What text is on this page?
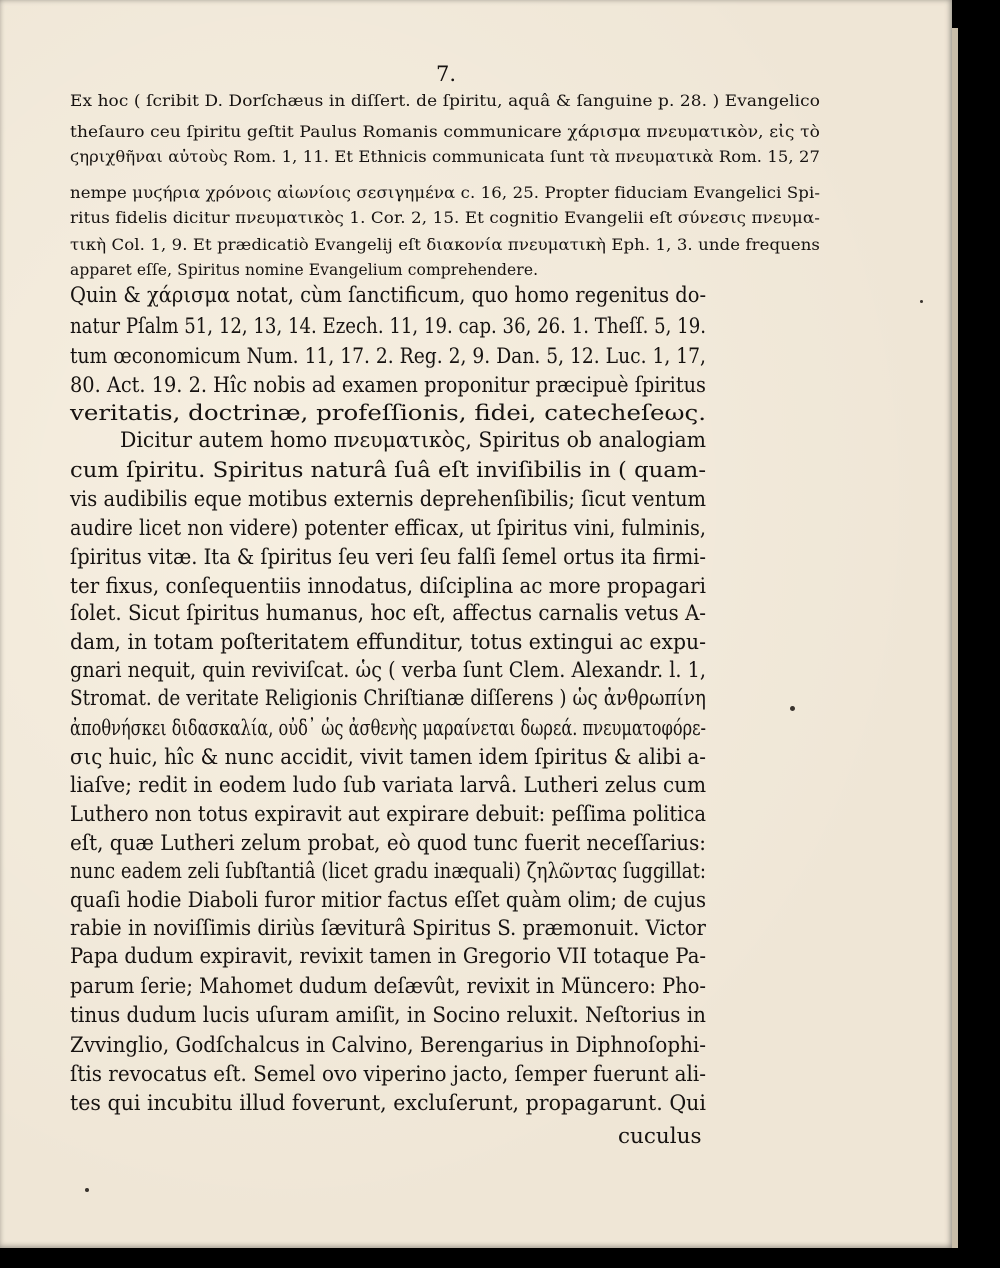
7.
Ex hoc ( ſcribit D. Dorſchæus in diſſert. de ſpiritu, aquâ & ſanguine p. 28. ) Evangelico
theſauro ceu ſpiritu geſtit Paulus Romanis communicare χάρισμα πνευματικὸν, εἰς τὸ
ϛηριχθῆναι αὐτοὺς Rom. 1, 11. Et Ethnicis communicata ſunt τὰ πνευματικὰ Rom. 15, 27
nempe μυϛήρια χρόνοις αἰωνίοις σεσιγημένα c. 16, 25. Propter fiduciam Evangelici Spi-
ritus fidelis dicitur πνευματικὸς 1. Cor. 2, 15. Et cognitio Evangelii eſt σύνεσις πνευμα-
τικὴ Col. 1, 9. Et prædicatiò Evangelij eſt διακονία πνευματικὴ Eph. 1, 3. unde frequens
apparet eſſe, Spiritus nomine Evangelium comprehendere.
Quin & χάρισμα notat, cùm ſanctificum, quo homo regenitus do-
natur Pſalm 51, 12, 13, 14. Ezech. 11, 19. cap. 36, 26. 1. Theſſ. 5, 19.
tum œconomicum Num. 11, 17. 2. Reg. 2, 9. Dan. 5, 12. Luc. 1, 17,
80. Act. 19. 2. Hîc nobis ad examen proponitur præcipuè ſpiritus
veritatis, doctrinæ, profeſſionis, fidei, catecheſeως.
Dicitur autem homo πνευματικὸς, Spiritus ob analogiam
cum ſpiritu. Spiritus naturâ ſuâ eſt inviſibilis in ( quam-
vis audibilis eque motibus externis deprehenſibilis; ſicut ventum
audire licet non videre) potenter efficax, ut ſpiritus vini, fulminis,
ſpiritus vitæ. Ita & ſpiritus ſeu veri ſeu falſi ſemel ortus ita firmi-
ter fixus, conſequentiis innodatus, diſciplina ac more propagari
ſolet. Sicut ſpiritus humanus, hoc eſt, affectus carnalis vetus A-
dam, in totam poſteritatem effunditur, totus extingui ac expu-
gnari nequit, quin reviviſcat. ὡς ( verba ſunt Clem. Alexandr. l. 1,
Stromat. de veritate Religionis Chriſtianæ diſſerens ) ὡς ἀνθρωπίνη
ἀποθνήσκει διδασκαλία, οὐδ᾽ ὡς ἀσθενὴς μαραίνεται δωρεά. πνευματοφόρε-
σις huic, hîc & nunc accidit, vivit tamen idem ſpiritus & alibi a-
liaſve; redit in eodem ludo ſub variata larvâ. Lutheri zelus cum
Luthero non totus expiravit aut expirare debuit: peſſima politica
eſt, quæ Lutheri zelum probat, eò quod tunc fuerit neceſſarius:
nunc eadem zeli ſubſtantiâ (licet gradu inæquali) ζηλῶντας ſuggillat:
quaſi hodie Diaboli furor mitior factus eſſet quàm olim; de cujus
rabie in noviſſimis diriùs ſæviturâ Spiritus S. præmonuit. Victor
Papa dudum expiravit, revixit tamen in Gregorio VII totaque Pa-
parum ſerie; Mahomet dudum deſævût, revixit in Müncero: Pho-
tinus dudum lucis uſuram amiſit, in Socino reluxit. Neſtorius in
Zvvinglio, Godſchalcus in Calvino, Berengarius in Diphnoſophi-
ſtis revocatus eſt. Semel ovo viperino jacto, ſemper fuerunt ali-
tes qui incubitu illud foverunt, excluſerunt, propagarunt. Qui
cuculus
